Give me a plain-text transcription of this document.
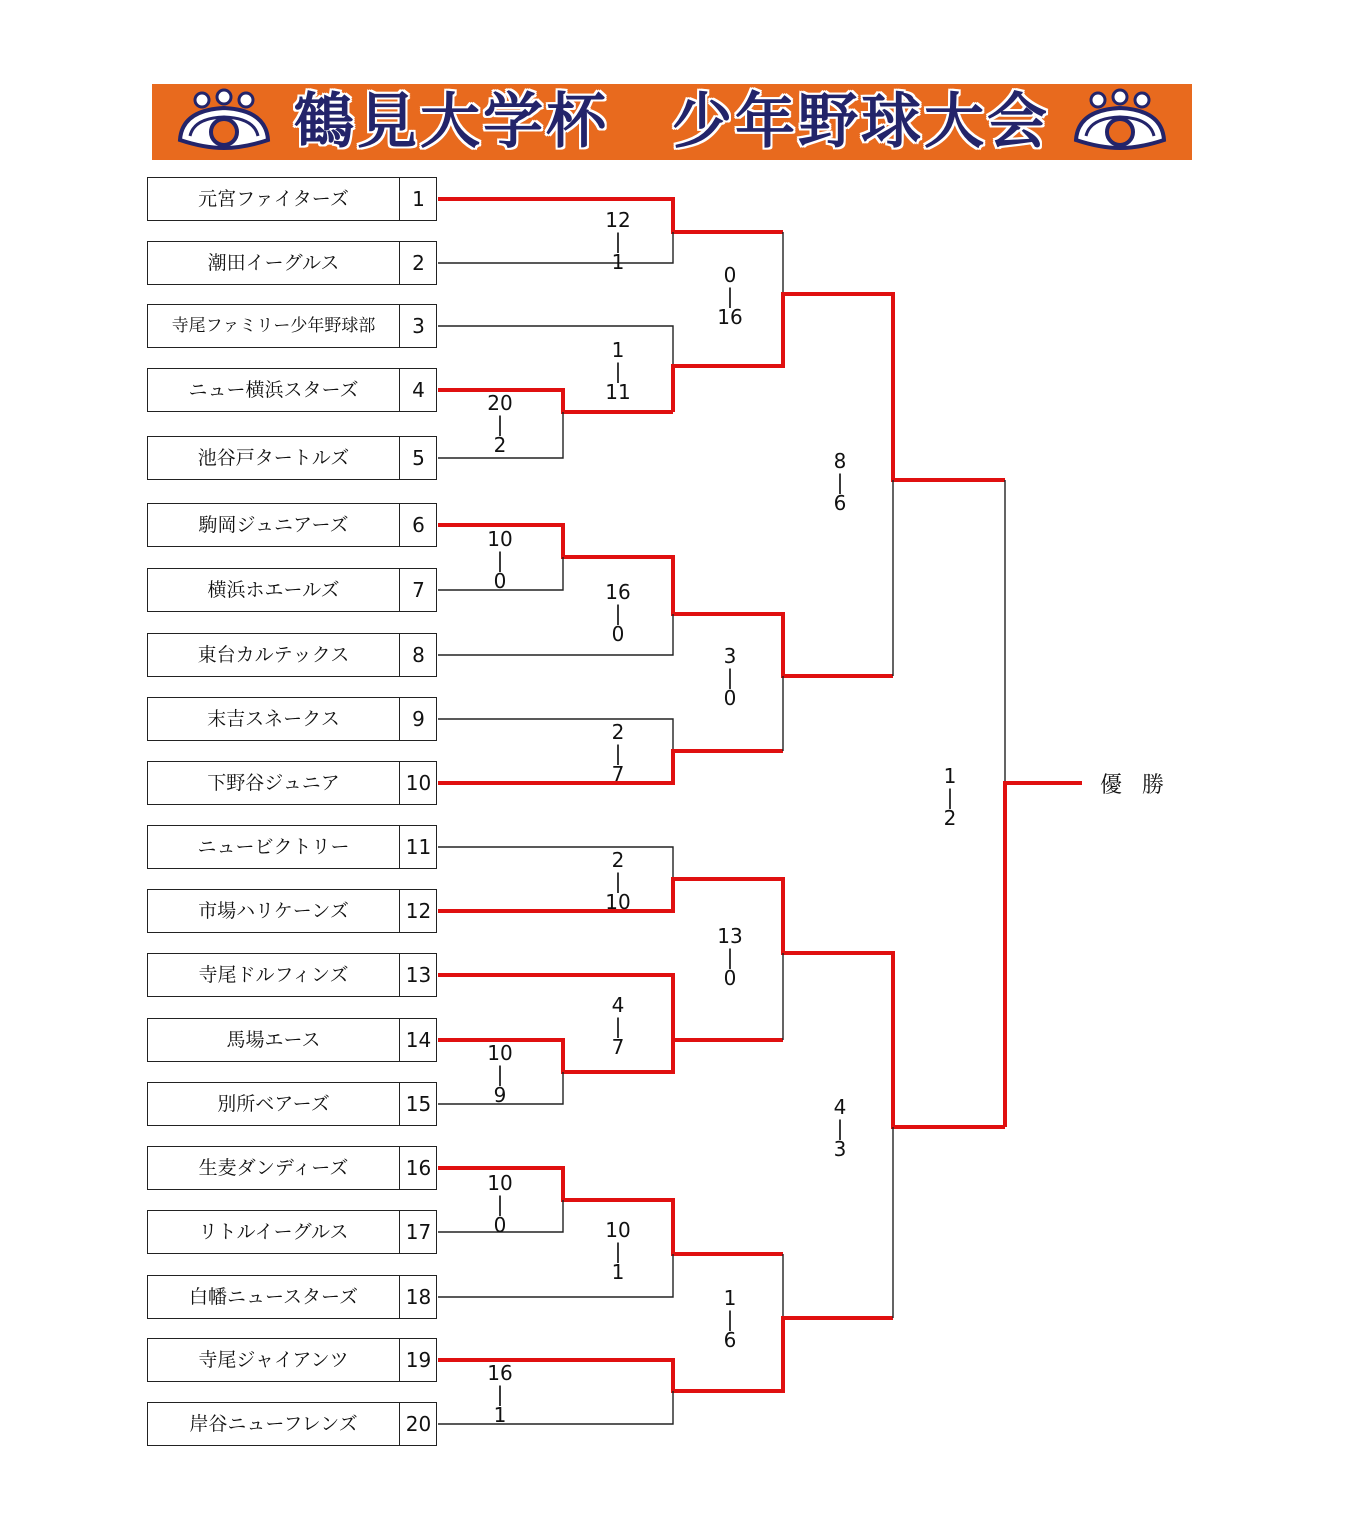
鶴見大学杯　少年野球大会
元宮ファイターズ	1
潮田イーグルス	2
寺尾ファミリー少年野球部	3
ニュー横浜スターズ	4
池谷戸タートルズ	5
駒岡ジュニアーズ	6
横浜ホエールズ	7
東台カルテックス	8
末吉スネークス	9
下野谷ジュニア	10
ニュービクトリー	11
市場ハリケーンズ	12
寺尾ドルフィンズ	13
馬場エース	14
別所ベアーズ	15
生麦ダンディーズ	16
リトルイーグルス	17
白幡ニュースターズ	18
寺尾ジャイアンツ	19
岸谷ニューフレンズ	20
12
|
1
20
|
2
1
|
11
0
|
16
10
|
0	16
|
0
2
|
7
3
|
0
8
|
6
2
|
10
10
|
9
4
|
7
13
|
0
10
|
0	10
|
1
16
|
1
1
|
6
4
|
3
1
|
2
優勝
